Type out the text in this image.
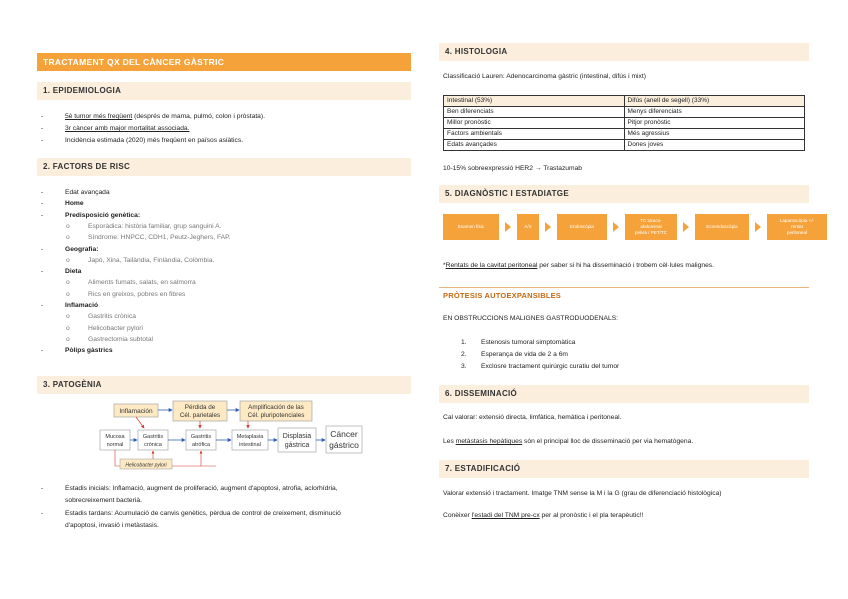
TRACTAMENT QX DEL CÀNCER GÀSTRIC
1. EPIDEMIOLOGIA
-	5è tumor més freqüent (després de mama, pulmó, colon i pròstata).
-	3r càncer amb major mortalitat associada.
-	Incidència estimada (2020) més freqüent en països asiàtics.
2. FACTORS DE RISC
-	Edat avançada
-	Home
-	Predisposició genètica:
o	Esporàdica: història familiar, grup sanguini A.
o	Síndrome: HNPCC, CDH1, Peutz-Jeghers, FAP.
-	Geografia:
o	Japó, Xina, Tailàndia, Finlàndia, Colòmbia.
-	Dieta
o	Aliments fumats, salats, en salmorra
o	Rics en greixos, pobres en fibres
-	Inflamació
o	Gastritis crònica
o	Helicobacter pylori
o	Gastrectomia subtotal
-	Pòlips gàstrics
3. PATOGÈNIA
Inflamación
Pérdida de
Cél. parietales
Amplificación de las
Cél. pluripotenciales
Mucosa
normal
Gastritis
crónica
Gastritis
atrófica
Metaplasia
intestinal
Displasia
gástrica
Cáncer
gástrico
Helicobacter pylori
-	Estadis inicials: Inflamació, augment de proliferació, augment d'apoptosi, atrofia, aclorhídria,
sobrecreixement bacterià.
-	Estadis tardans: Acumulació de canvis genètics, pèrdua de control de creixement, disminució
d'apoptosi, invasió i metàstasis.
4. HISTOLOGIA
Classificació Lauren: Adenocarcinoma gàstric (intestinal, difús i mixt)
Intestinal (53%)	Difús (anell de segell) (33%)
Ben diferenciats	Menys diferenciats
Millor pronòstic	Pitjor pronòstic
Factors ambientals	Més agressius
Edats avançades	Dones joves
10-15% sobreexpressió HER2 → Trastazumab
5. DIAGNÒSTIC I ESTADIATGE
Examen físic	A/S	Endoscòpia
TC toraco-
abdominal
pelvià / PET/TC
Ecoendoscòpia
Laparoscòpia +/-
rentat
peritoneal
*Rentats de la cavitat peritoneal per saber si hi ha disseminació i trobem cèl·lules malignes.
PRÒTESIS AUTOEXPANSIBLES
EN OBSTRUCCIONS MALIGNES GASTRODUODENALS:
1. Estenosis tumoral simptomàtica
2. Esperança de vida de 2 a 6m
3. Exclosre tractament quirúrgic curatiu del tumor
6. DISSEMINACIÓ
Cal valorar: extensió directa, limfàtica, hemàtica i peritoneal.
Les metàstasis hepàtiques són el principal lloc de disseminació per via hematògena.
7. ESTADIFICACIÓ
Valorar extensió i tractament. Imatge TNM sense la M i la G (grau de diferenciació histològica)
Conèixer l'estadi del TNM pre-cx per al pronòstic i el pla terapèutic!!
